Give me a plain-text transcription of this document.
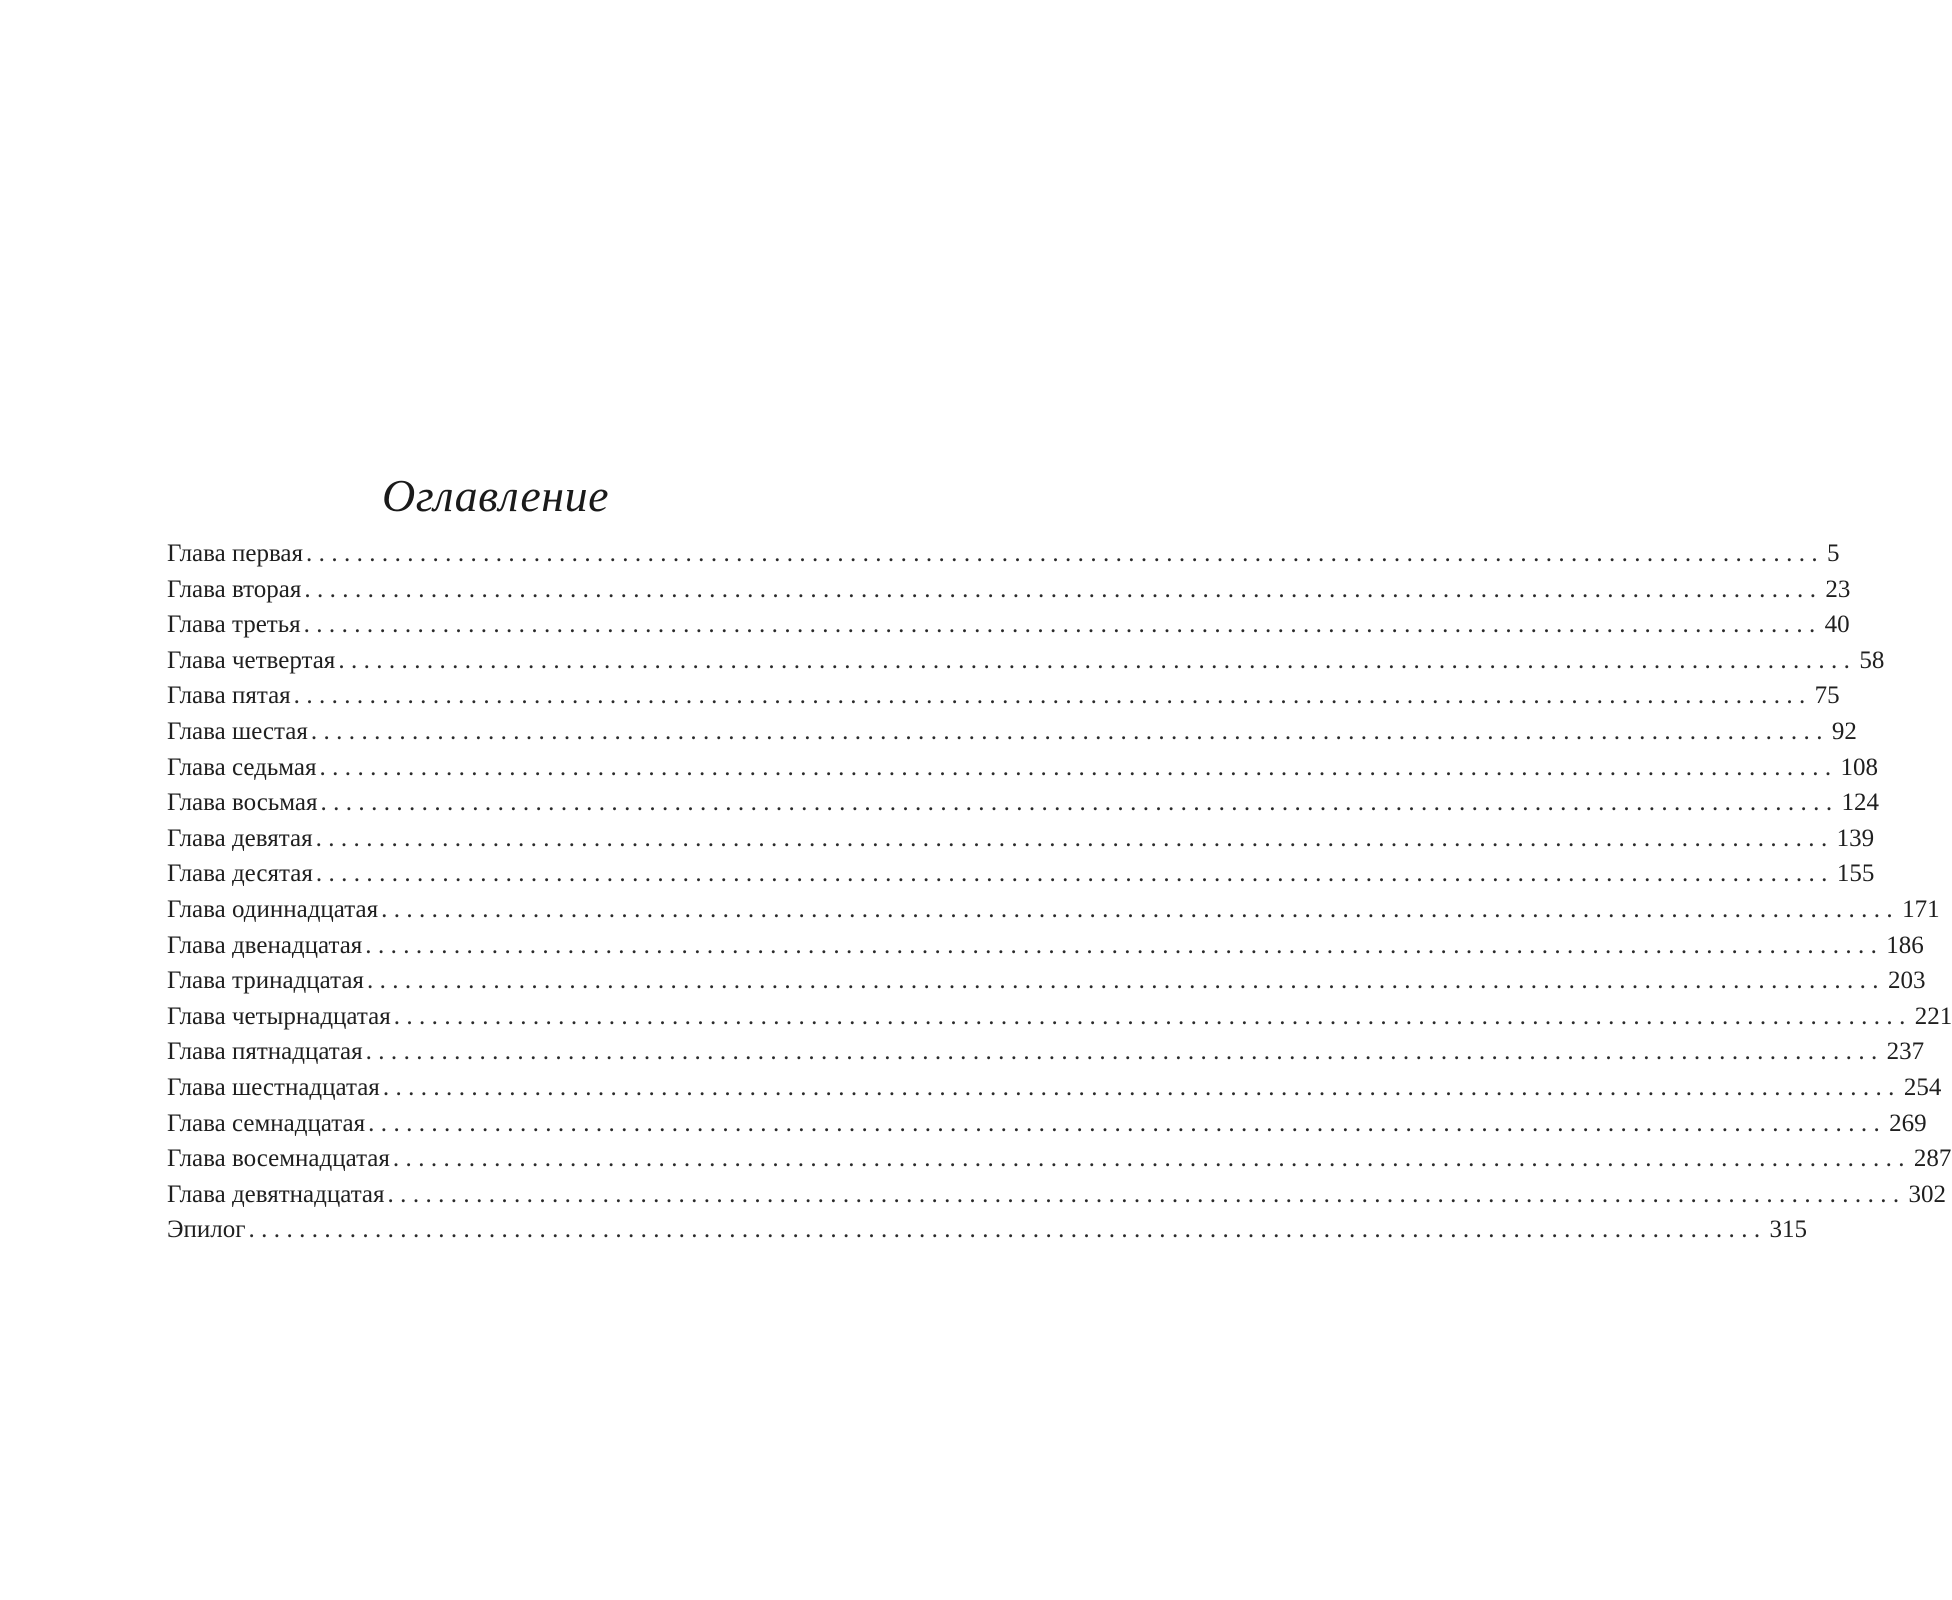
Оглавление
Глава первая ........................................................................................................................ 5
Глава вторая ........................................................................................................................ 23
Глава третья ........................................................................................................................ 40
Глава четвертая ........................................................................................................................ 58
Глава пятая ........................................................................................................................ 75
Глава шестая ........................................................................................................................ 92
Глава седьмая ........................................................................................................................ 108
Глава восьмая ........................................................................................................................ 124
Глава девятая ........................................................................................................................ 139
Глава десятая ........................................................................................................................ 155
Глава одиннадцатая ........................................................................................................................ 171
Глава двенадцатая ........................................................................................................................ 186
Глава тринадцатая ........................................................................................................................ 203
Глава четырнадцатая ........................................................................................................................ 221
Глава пятнадцатая ........................................................................................................................ 237
Глава шестнадцатая ........................................................................................................................ 254
Глава семнадцатая ........................................................................................................................ 269
Глава восемнадцатая ........................................................................................................................ 287
Глава девятнадцатая ........................................................................................................................ 302
Эпилог ........................................................................................................................ 315
